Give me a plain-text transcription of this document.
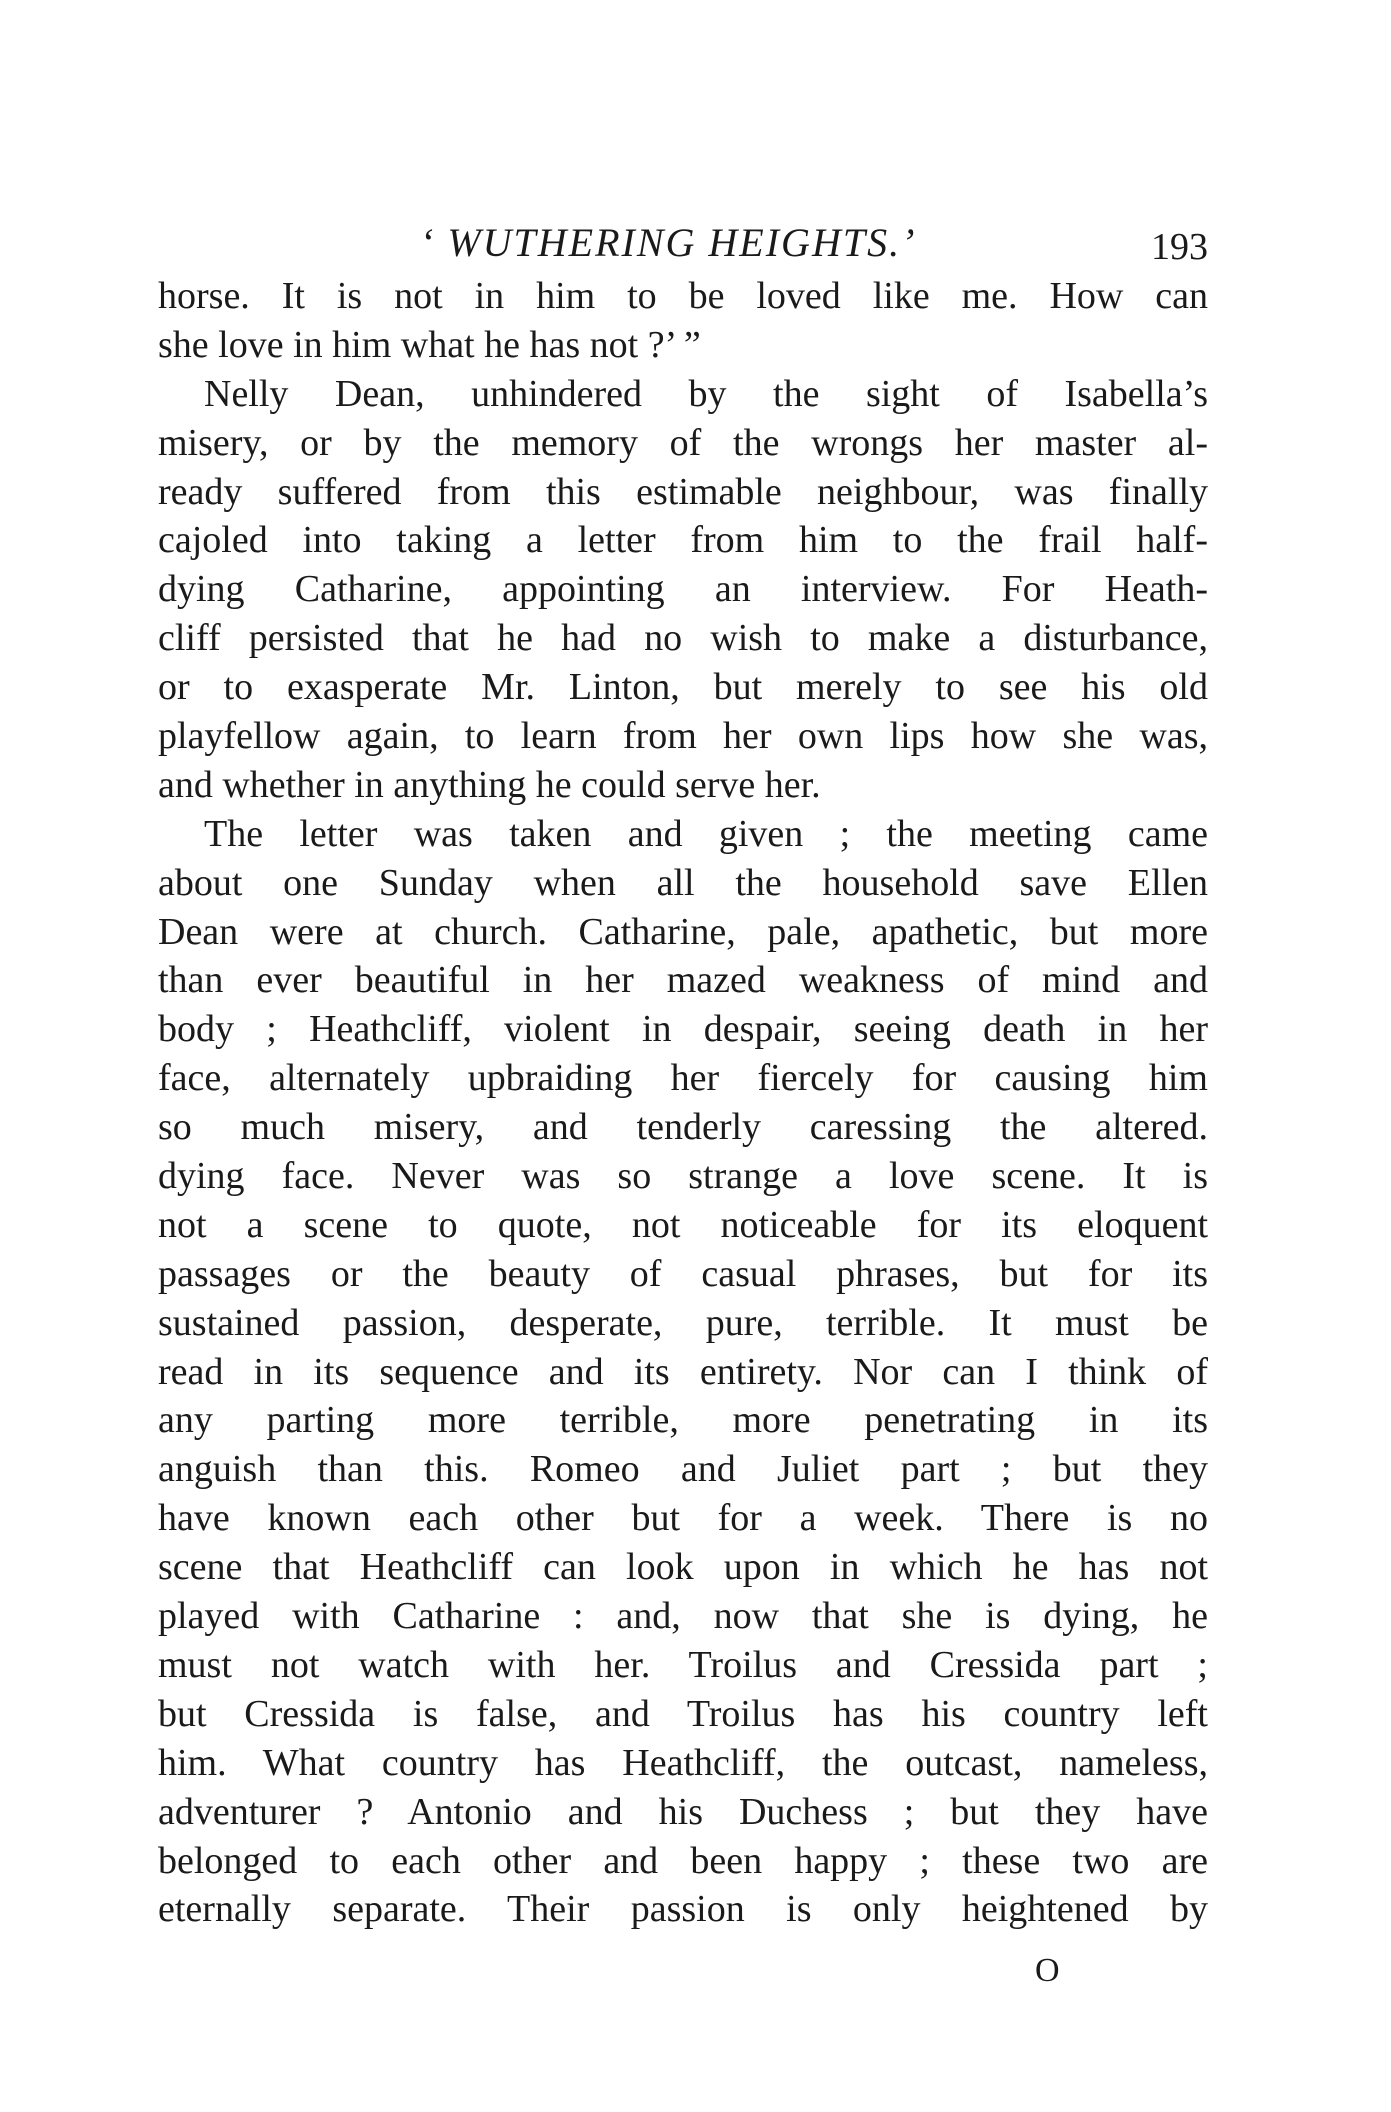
‘ WUTHERING HEIGHTS.’	193
horse. It is not in him to be loved like me. How can
she love in him what he has not ?’ ”
Nelly Dean, unhindered by the sight of Isabella’s
misery, or by the memory of the wrongs her master al-
ready suffered from this estimable neighbour, was finally
cajoled into taking a letter from him to the frail half-
dying Catharine, appointing an interview. For Heath-
cliff persisted that he had no wish to make a disturbance,
or to exasperate Mr. Linton, but merely to see his old
playfellow again, to learn from her own lips how she was,
and whether in anything he could serve her.
The letter was taken and given ; the meeting came
about one Sunday when all the household save Ellen
Dean were at church. Catharine, pale, apathetic, but more
than ever beautiful in her mazed weakness of mind and
body ; Heathcliff, violent in despair, seeing death in her
face, alternately upbraiding her fiercely for causing him
so much misery, and tenderly caressing the altered.
dying face. Never was so strange a love scene. It is
not a scene to quote, not noticeable for its eloquent
passages or the beauty of casual phrases, but for its
sustained passion, desperate, pure, terrible. It must be
read in its sequence and its entirety. Nor can I think of
any parting more terrible, more penetrating in its
anguish than this. Romeo and Juliet part ; but they
have known each other but for a week. There is no
scene that Heathcliff can look upon in which he has not
played with Catharine : and, now that she is dying, he
must not watch with her. Troilus and Cressida part ;
but Cressida is false, and Troilus has his country left
him. What country has Heathcliff, the outcast, nameless,
adventurer ? Antonio and his Duchess ; but they have
belonged to each other and been happy ; these two are
eternally separate. Their passion is only heightened by
O
